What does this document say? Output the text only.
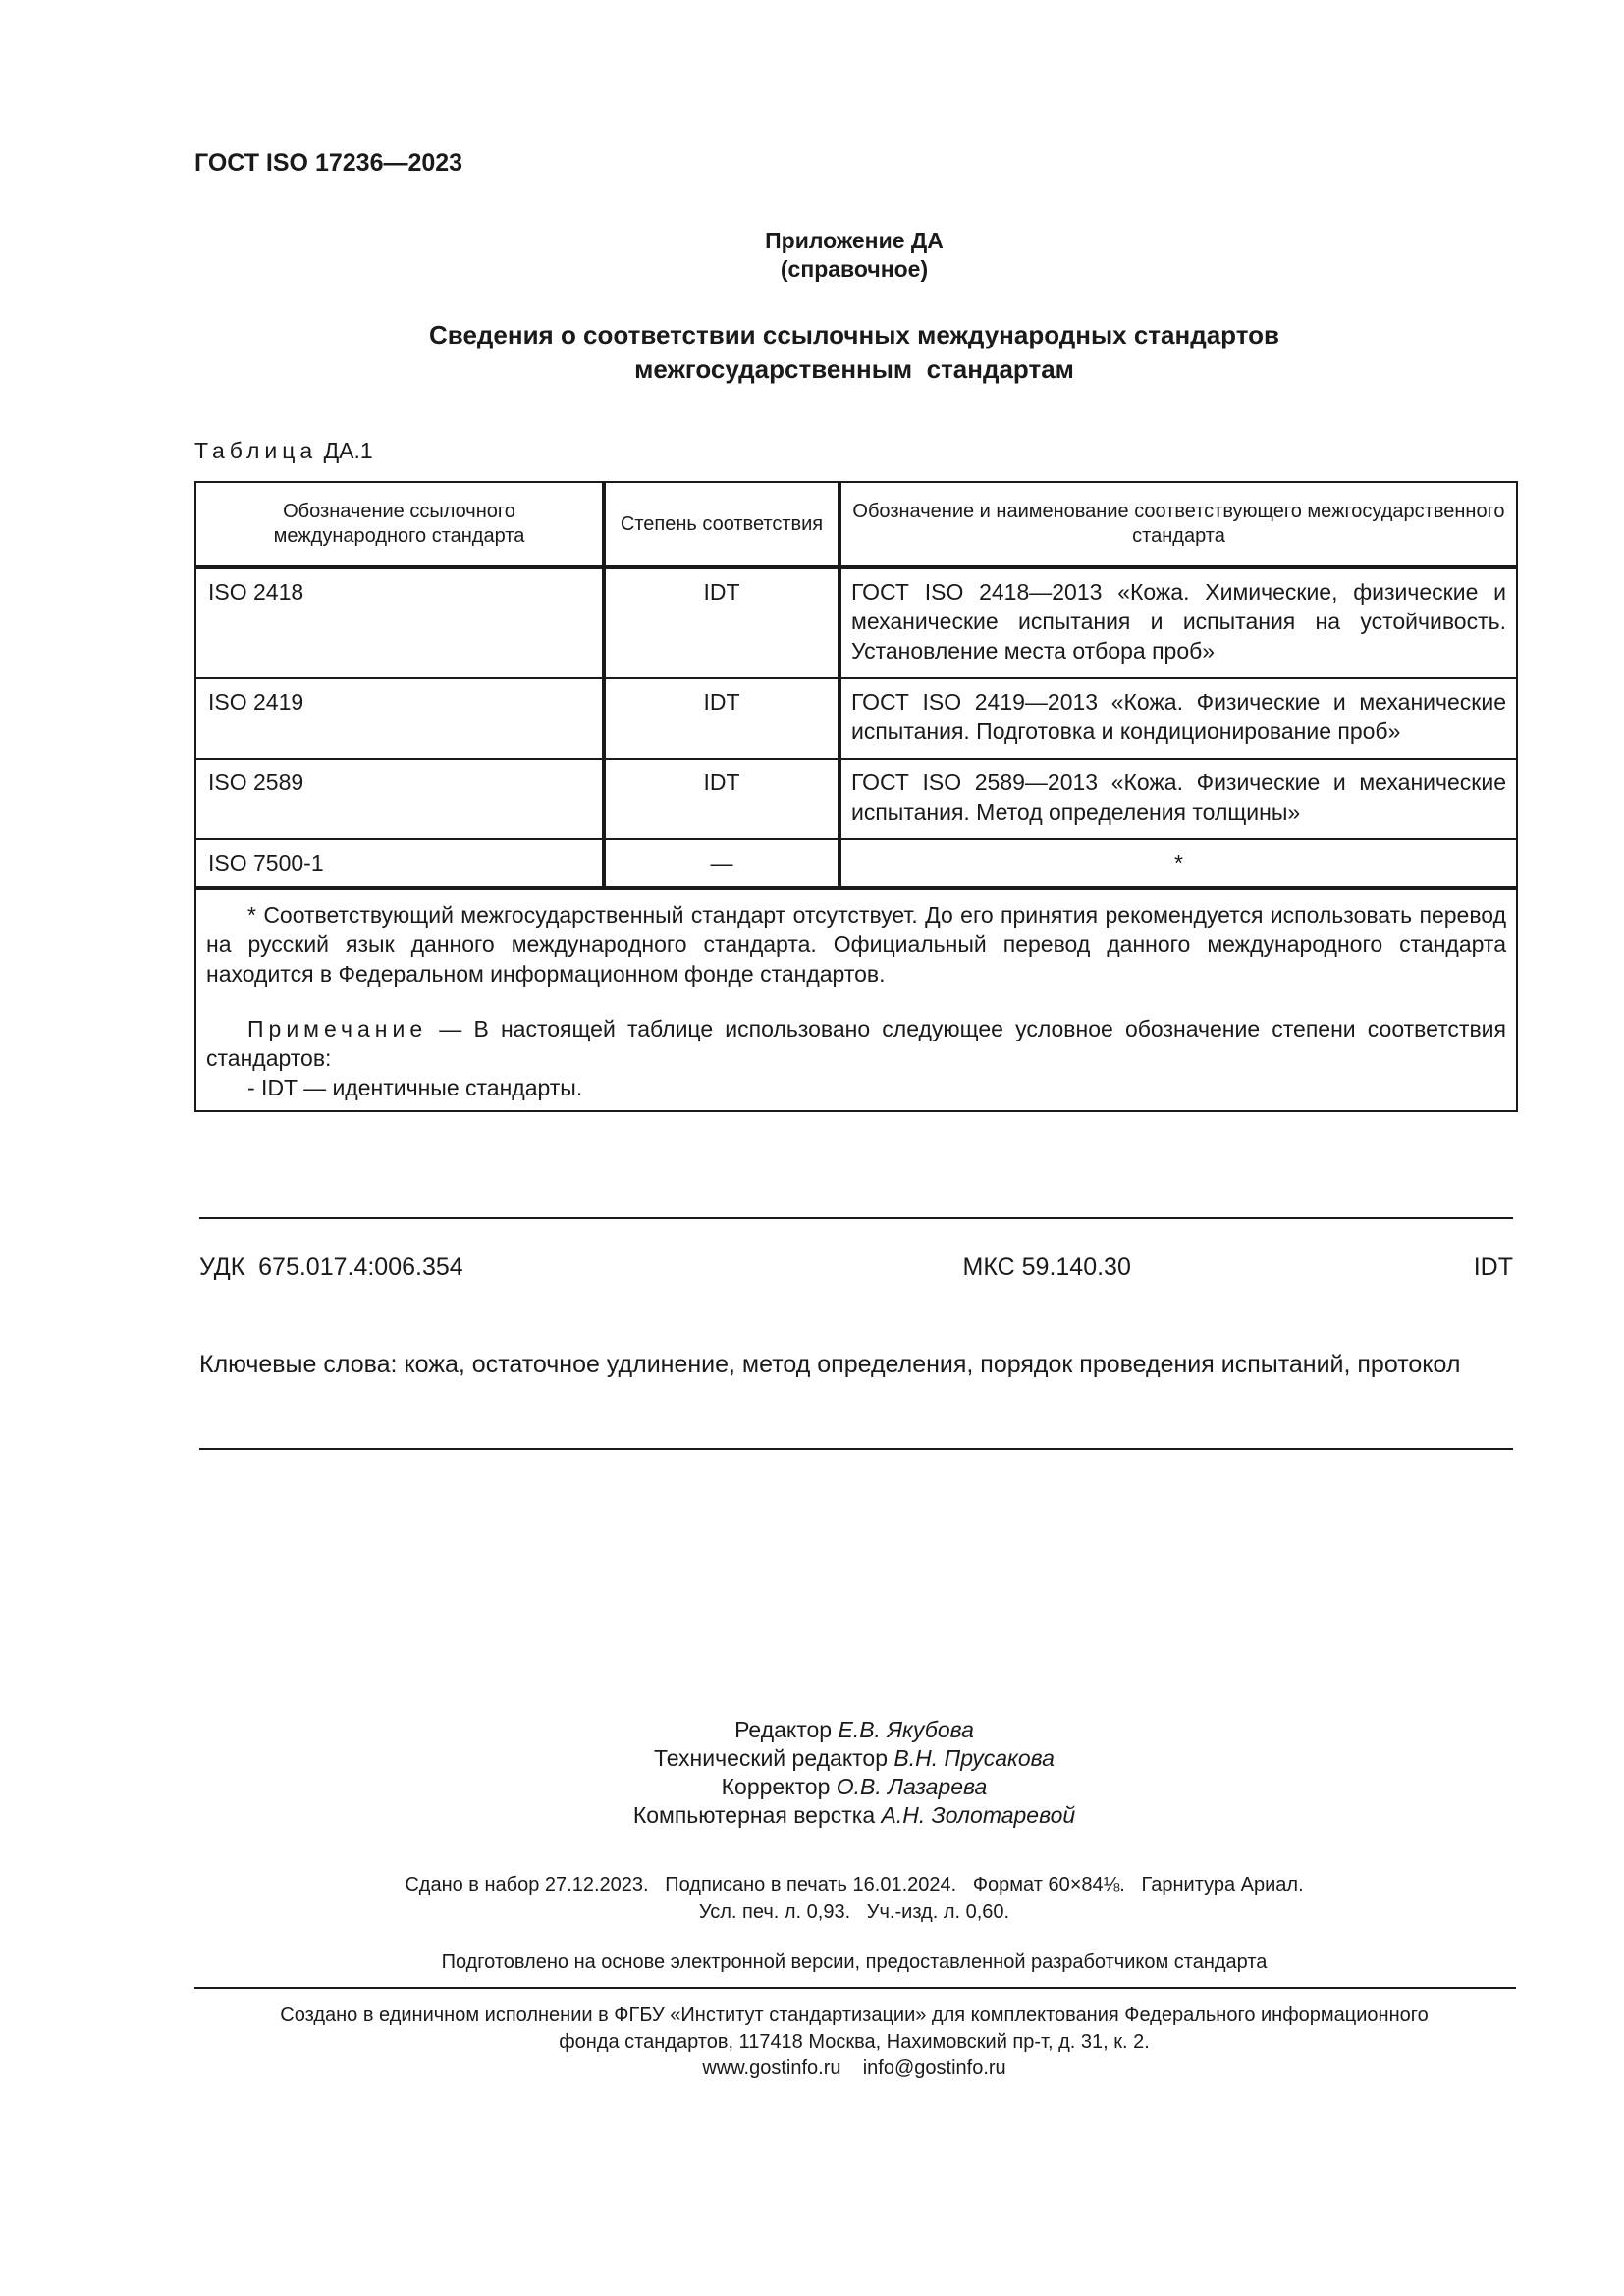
ГОСТ ISO 17236—2023
Приложение ДА
(справочное)
Сведения о соответствии ссылочных международных стандартов
межгосударственным  стандартам
Таблица ДА.1
Обозначение ссылочного международного стандарта	Степень соответствия	Обозначение и наименование соответствующего межгосударственного стандарта
ISO 2418	IDT	ГОСТ ISO 2418—2013 «Кожа. Химические, физические и механические испытания и испытания на устойчивость. Установление места отбора проб»
ISO 2419	IDT	ГОСТ ISO 2419—2013 «Кожа. Физические и механические испытания. Подготовка и кондиционирование проб»
ISO 2589	IDT	ГОСТ ISO 2589—2013 «Кожа. Физические и механические испытания. Метод определения толщины»
ISO 7500-1	—	*

* Соответствующий межгосударственный стандарт отсутствует. До его принятия рекомендуется использовать перевод на русский язык данного международного стандарта. Официальный перевод данного международного стандарта находится в Федеральном информационном фонде стандартов.

Примечание — В настоящей таблице использовано следующее условное обозначение степени соответствия стандартов:

- IDT — идентичные стандарты.		

УДК  675.017.4:006.354	МКС 59.140.30	IDT
Ключевые слова: кожа, остаточное удлинение, метод определения, порядок проведения испытаний, протокол
Редактор Е.В. Якубова
Технический редактор В.Н. Прусакова
Корректор О.В. Лазарева
Компьютерная верстка А.Н. Золотаревой
Сдано в набор 27.12.2023.   Подписано в печать 16.01.2024.   Формат 60×84⅛.   Гарнитура Ариал.
Усл. печ. л. 0,93.   Уч.-изд. л. 0,60.
Подготовлено на основе электронной версии, предоставленной разработчиком стандарта
Создано в единичном исполнении в ФГБУ «Институт стандартизации» для комплектования Федерального информационного
фонда стандартов, 117418 Москва, Нахимовский пр-т, д. 31, к. 2.
www.gostinfo.ru    info@gostinfo.ru
